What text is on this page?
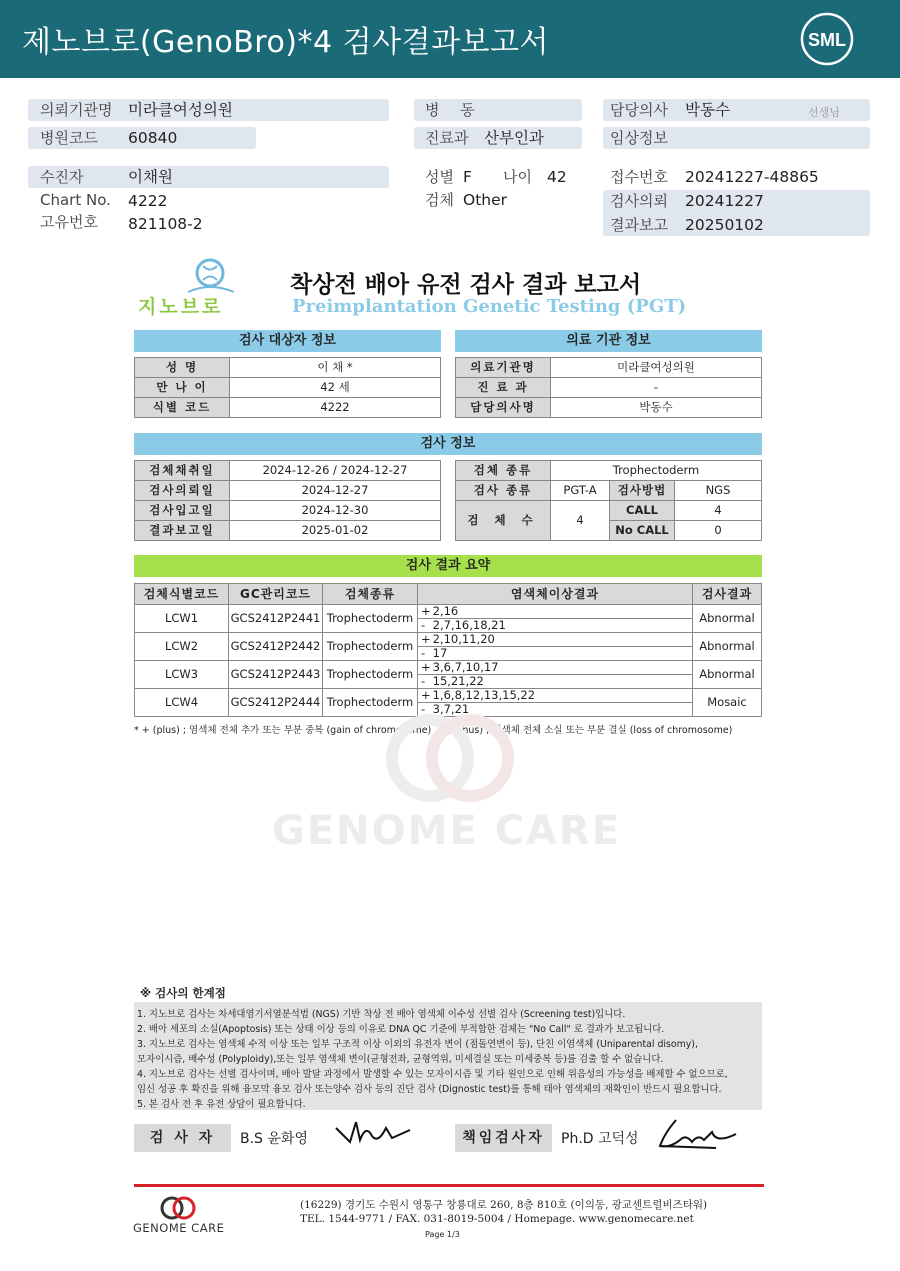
제노브로(GenoBro)*4 검사결과보고서	SML
의뢰기관명 미라클여성의원
병원코드 60840
병 동
진료과 산부인과
담당의사 박동수	선생님
임상정보
수진자	이채원
Chart No. 4222
고유번호 821108-2
성별 F 나이 42
검체 Other
접수번호 20241227-48865
검사의뢰 20241227
결과보고 20250102
지노브로
착상전 배아 유전 검사 결과 보고서
Preimplantation Genetic Testing (PGT)
검사 대상자 정보
성 명	이 채 *
만 나 이	42 세
식별 코드	4222
의료 기관 정보
의료기관명	미라클여성의원
진 료 과	-
담당의사명	박동수
검사 정보
검체채취일	2024-12-26 / 2024-12-27
검사의뢰일	2024-12-27
검사입고일	2024-12-30
결과보고일	2025-01-02
검체 종류	Trophectoderm		
검사 종류	PGT-A	검사방법	NGS
검 체 수	4	CALL	4
		No CALL	0
검사 결과 요약
검체식별코드	GC관리코드	검체종류	염색체이상결과		검사결과
LCW1	GCS2412P2441	Trophectoderm	+	2,16	Abnormal
			-	2,7,16,18,21	
LCW2	GCS2412P2442	Trophectoderm	+	2,10,11,20	Abnormal
			-	17	
LCW3	GCS2412P2443	Trophectoderm	+	3,6,7,10,17	Abnormal
			-	15,21,22	
LCW4	GCS2412P2444	Trophectoderm	+	1,6,8,12,13,15,22	Mosaic
			-	3,7,21	
* + (plus) ; 염색체 전체 추가 또는 부분 중복 (gain of chromosome) , - (minus) ; 염색체 전체 소실 또는 부분 결실 (loss of chromosome)
GENOME CARE
※ 검사의 한계점
1. 지노브로 검사는 차세대염기서열분석법 (NGS) 기반 착상 전 배아 염색체 이수성 선별 검사 (Screening test)입니다.
2. 배아 세포의 소실(Apoptosis) 또는 상태 이상 등의 이유로 DNA QC 기준에 부적합한 검체는 "No Call" 로 결과가 보고됩니다.
3. 지노브로 검사는 염색체 수적 이상 또는 일부 구조적 이상 이외의 유전자 변이 (점돌연변이 등), 단친 이염색체 (Uniparental disomy),
모자이시즘, 배수성 (Polyploidy),또는 일부 염색체 변이(균형전좌, 균형역위, 미세결실 또는 미세중복 등)를 검출 할 수 없습니다.
4. 지노브로 검사는 선별 검사이며, 배아 발달 과정에서 발생할 수 있는 모자이시즘 및 기타 원인으로 인해 위음성의 가능성을 배제할 수 없으므로,
임신 성공 후 확진을 위해 융모막 융모 검사 또는양수 검사 등의 진단 검사 (Dignostic test)를 통해 태아 염색체의 재확인이 반드시 필요합니다.
5. 본 검사 전 후 유전 상담이 필요합니다.
검 사 자	B.S 윤화영	책임검사자	Ph.D 고덕성
GENOME CARE
(16229) 경기도 수원시 영통구 창룡대로 260, 8층 810호 (이의동, 광교센트럴비즈타워)
TEL. 1544-9771 / FAX. 031-8019-5004 / Homepage. www.genomecare.net
Page 1/3
